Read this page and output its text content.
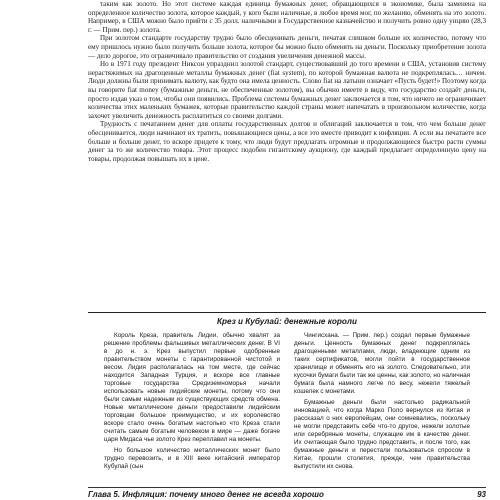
таким как золото. Но этот системе каждая единица бумажных денег, обращающихся в экономике, была заменена на определенное количество золота, которое каждый, у кого были наличные, в любое время мог, по желанию, обменять на это золото. Например, в США можно было прийти с 35 долл. наличными в Государственное казначейство и получить ровно одну унцию (28,3 г. — Прим. пер.) золота.

При золотом стандарте государству трудно было обесценивать деньги, печатая слишком больше их количество, потому что ему пришлось нужно было получить больше золота, которое бы можно было обменять на деньги. Поскольку приобретение золота — дело дорогое, это ограничивало правительство от создания увеличения денежной массы.

Но в 1971 году президент Никсон упразднил золотой стандарт, существовавший до того времени в США, установив систему нерастяжимых на драгоценные металлы бумажных денег (fiat system), по которой бумажная валюта не подкреплялась… ничем. Люди должны были принимать валюту, как будто она имела ценность. Слово fiat на латыни означает «Пусть будет!» Поэтому когда вы говорите fiat money (бумажные деньги, не обеспеченные золотом), вы обычно имеете в виду, что государство создаёт деньги, просто издав указ о том, чтобы они появились. Проблема системы бумажных денег заключается в том, что ничего не ограничивает количества этих маленьких бумажек, которые правительство каждой страны может напечатать в произвольном количестве, когда захочет увеличить денежность расплатиться со своими долгами.

Трудность с печатанием денег для оплаты государственных долгов и облигаций заключается в том, что чем больше денег обесценивается, люди начинают их тратить, повышающиеся цены, а все это вместе приводит к инфляции. А если вы печатаете все больше и больше денег, то вскоре придете к тому, что люди будут предлагать огромные и продолжающиеся быстро расти суммы денег за то же количество товара. Этот процесс подобен гигантскому аукциону, где каждый предлагает определенную цену на товары, продолжая повышать их в цене.

Крез и Кубулай: денежные короли

Король Креза, правитель Лидии, обычно хвалят за решение проблемы фальшивых металлических денег. В VI в до н. э. Крез выпустил первые одобренные правительством монеты с гарантированной чистотой и весом. Лидия располагалась на том месте, где сейчас находится Западная Турция, и вскоре все главные торговые государства Средиземноморья начали использовать новые лидийские монеты, потому что они были самым надежным из существующих средств обмена. Новые металлические деньги предоставили лидийским торговцам большое преимущество, и их королевство вскоре стало очень богатым настолько что Креза стали считать самым богатым человеком в мире — даже богаче царя Мидаса чье золото Крез переплавил на монеты.

Но большое количество металлических монет было трудно перевозить, и в XIII веке китайский император Кубулай (сын

Чингисхана. — Прим. пер.) создал первые бумажные деньги. Ценность бумажных денег подкреплялась драгоценными металлами, люди, владеющие одним из таких сертификатов, могли пойти в государственное хранилище и обменять его на золото. Следовательно, эти кусочки бумаги были так же ценны, как золото, но наличная бумага была намного легче по весу, нежели тяжелый кошелек с монетами.

Бумажные деньги были настолько радикальной инновацией, что когда Марко Поло вернулся из Китая и рассказал о них европейцам, они сомневались, поскольку не могли представить себе что-то другое, нежели золотые или серебряные монеты, служащие им в качестве денег. Их считающая было трудно представить, и после того, как бумажные деньги и перестали пользоваться спросом в Китае, прошли столетия, прежде, чем правительства выпустили их снова.

Глава 5. Инфляция: почему много денег не всегда хорошо	93
